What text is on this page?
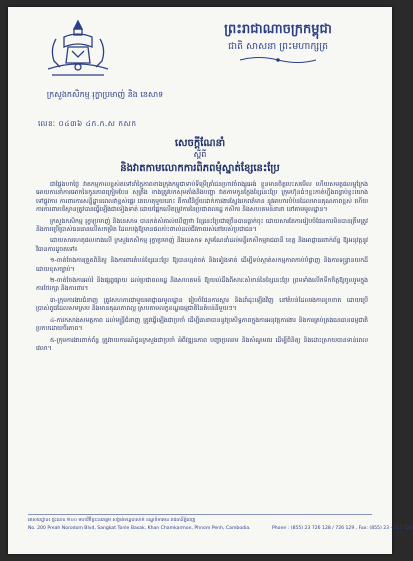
ព្រះរាជាណាចក្រកម្ពុជា
ជាតិ សាសនា ព្រះមហាក្សត្រ
ក្រសួងកសិកម្ម រុក្ខាប្រមាញ់ និង នេសាទ
លេខៈ ០៤៣៦ ៤ក.ក.ស កសក
សេចក្តីណែនាំ
ស្តីពី
និងវាតកាមលោកការពិភពមុំស្នាត់ខ្សែនេះប្រែ

ជាផ្លែងហាថ្លៃ វាតកម្មកាលខ្ពស់តទៅនាំក្ដៃភាពខាងក្រុងកម្ពុជាទាប់ទីម្រើគ្រាំជនហ្រាវចំពង្សអេង់ ខ្លួនមានចិត្តបេះសមើល ហើយសមត្ថផលម្ពុក្រែងអោយការនាំការអោកនៃកូនភាពក្រៀមបែន សុត្រឹង ខាងត្រូវបកសុមតាំងនិងបញ្ហា វាតកាមកូនក្លែងខ្សែនេះប្រែ ក្រុមហ៊ុនធំៗខ្លះកាត់ហ្នឹងពន្ធាប់ខ្លះយោងទៅផ្លូវការ ការពារការសន្និដ្ឋានពេលវាខ្ពស់ផ្ទេរ គេហេតុមួយនោះ គឺការវិនិច្ឆ័យដាក់ការងារស្វែងរកពត៌មាន នូវអាហារបំប៉នដែលមានគុណភាពខ្ពស់ ហើយការការពារបរិស្ថានត្រូវបានធ្វើឡើងជាទៀងទាត់ ដោយផ្អែកលើតម្រូវការនៃប្រជាពលរដ្ឋ កសិករ និងសហគមន៍នានា នៅតាមមូលដ្ឋាន។

ក្រសួងកសិកម្ម រុក្ខាប្រមាញ់ និងនេសាទ បានកត់សំគាល់ឃើញថា ខ្សែនេះប្រែជាច្រើនបានធ្លាក់ចុះ ដោយសារតែការរៀបចំផែនការមិនបានត្រឹមត្រូវ និងការប្រើប្រាស់ធនធានលើសកម្រិត ដែលបង្កឱ្យមានផលប៉ះពាល់ដល់ជីវភាពរស់នៅរបស់ប្រជាជន។

ដោយសារហេតុផលខាងលើ ក្រសួងកសិកម្ម រុក្ខាប្រមាញ់ និងនេសាទ សូមណែនាំដល់មន្ទីរកសិកម្មរាជធានី ខេត្ត និងអាជ្ញាធរពាក់ព័ន្ធ ឱ្យអនុវត្តនូវវិធានការដូចតទៅ៖

១-ចាត់ចែងការត្រួតពិនិត្យ និងការពារតំបន់ខ្សែនេះប្រែ ឱ្យបានហ្មត់ចត់ និងទៀងទាត់ ដើម្បីទប់ស្កាត់សកម្មភាពកាប់បំផ្លាញ និងការទន្ទ្រានយកដីដោយខុសច្បាប់។

២-ចាត់ចែងការអប់រំ និងផ្សព្វផ្សាយ ដល់ប្រជាពលរដ្ឋ និងសហគមន៍ ឱ្យយល់ដឹងពីសារៈសំខាន់នៃខ្សែនេះប្រែ ព្រមទាំងលើកទឹកចិត្តឱ្យចូលរួមក្នុងការថែរក្សា និងការពារ។

៣-ក្រុមការងារជំនាញ ត្រូវសហការជាមួយអាជ្ញាធរមូលដ្ឋាន រៀបចំផែនការស្តារ និងដាំដុះឡើងវិញ នៅតំបន់ដែលរងការខូចខាត ដោយប្រើប្រាស់ពូជដែលសមស្រប និងមានគុណភាពល្អ ស្របតាមលក្ខខណ្ឌធម្មជាតិនៃតំបន់នីមួយៗ។

៤-ការកសាងសមត្ថភាព ដល់មន្ត្រីជំនាញ ត្រូវធ្វើឡើងជាប្រចាំ ដើម្បីធានាបាននូវប្រសិទ្ធភាពក្នុងការអនុវត្តការងារ និងការគ្រប់គ្រងធនធានធម្មជាតិ ប្រកបដោយចីរភាព។

៥-ក្រុមការងារពាក់ព័ន្ធ ត្រូវរាយការណ៍ជូនក្រសួងជាប្រចាំ អំពីវឌ្ឍនភាព បញ្ហាប្រឈម និងសំណូមពរ ដើម្បីពិនិត្យ និងដោះស្រាយបានទាន់ពេលវេលា។

អាសយដ្ឋាន៖ ផ្ទះលេខ ២០០ មហាវិថីព្រះនរោត្តម សង្កាត់ទន្លេបាសាក់ ខណ្ឌចំការមន រាជធានីភ្នំពេញ
No. 200 Preah Norodom Blvd, Sangkat Tonle Basak, Khan Chamkarmon, Phnom Penh, Cambodia.	Phone : (855) 23 726 128 / 726 129 , Fax: (855) 23 - 217 320
